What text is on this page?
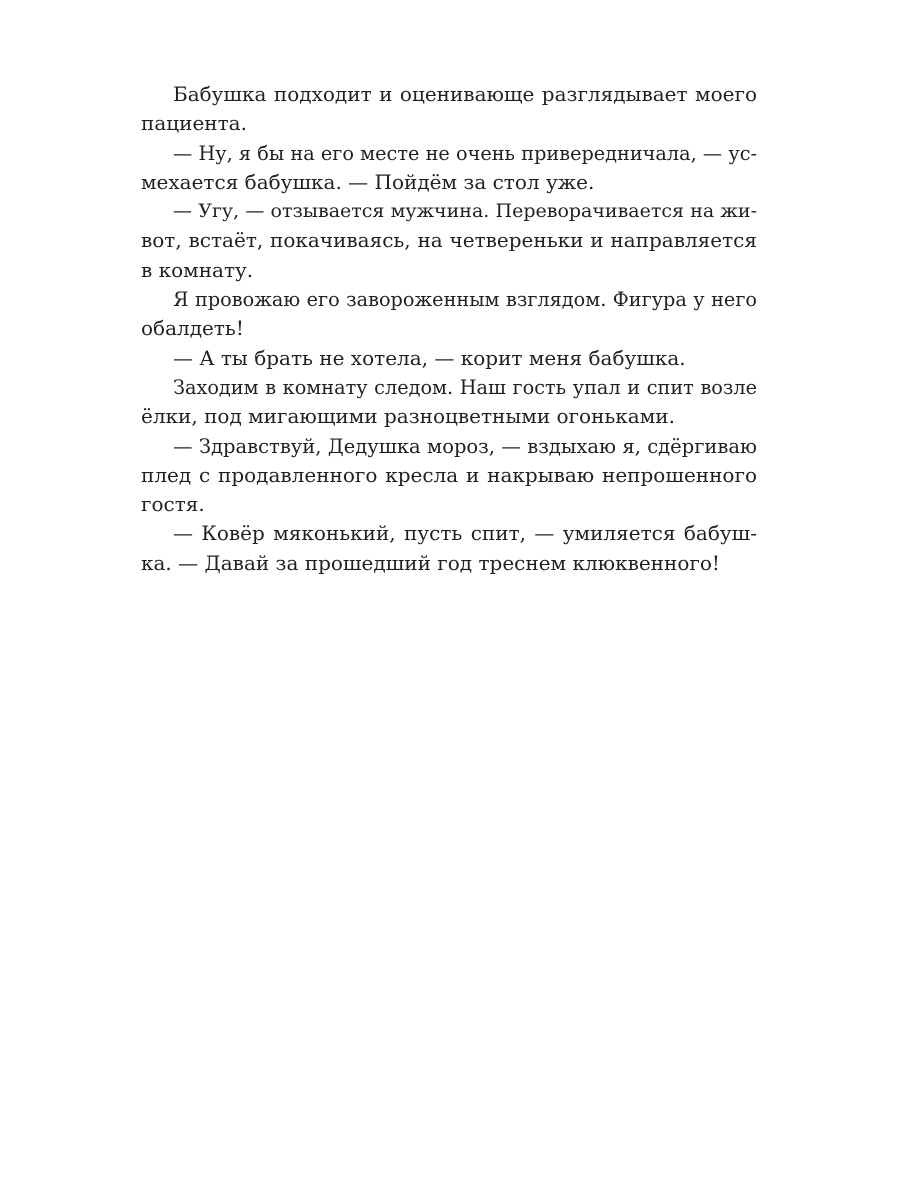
Бабушка подходит и оценивающе разглядывает моего
пациента.
— Ну, я бы на его месте не очень привередничала, — ус-
мехается бабушка. — Пойдём за стол уже.
— Угу, — отзывается мужчина. Переворачивается на жи-
вот, встаёт, покачиваясь, на четвереньки и направляется
в комнату.
Я провожаю его завороженным взглядом. Фигура у него
обалдеть!
— А ты брать не хотела, — корит меня бабушка.
Заходим в комнату следом. Наш гость упал и спит возле
ёлки, под мигающими разноцветными огоньками.
— Здравствуй, Дедушка мороз, — вздыхаю я, сдёргиваю
плед с продавленного кресла и накрываю непрошенного
гостя.
— Ковёр мяконький, пусть спит, — умиляется бабуш-
ка. — Давай за прошедший год треснем клюквенного!
